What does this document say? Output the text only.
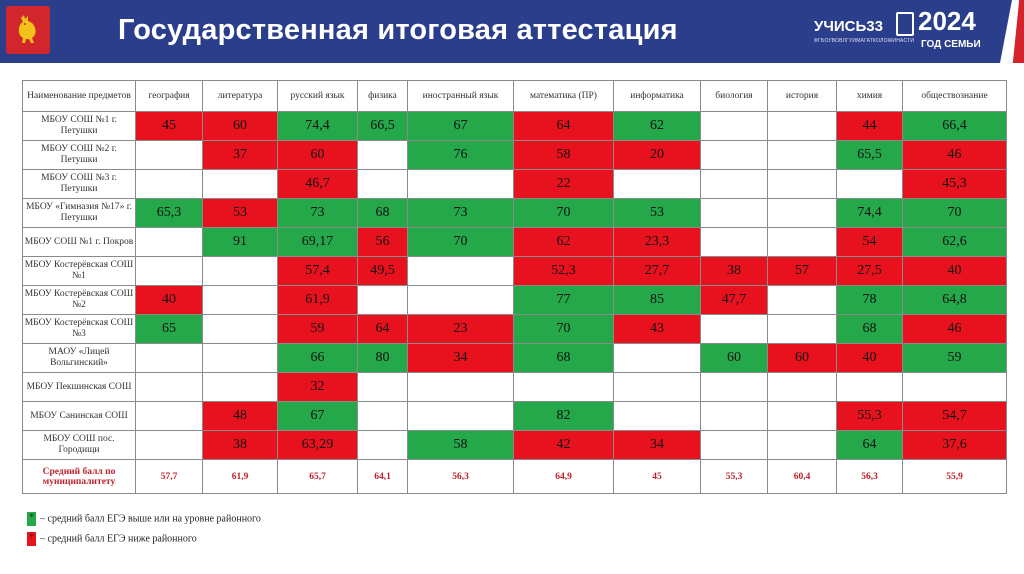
Государственная итоговая аттестация	УЧИСЬ33
ФГБОУВОВЛГУИМАГАТКОЛОЖИНАСТИ
2024
ГОД СЕМЬИ
Наименование предметов	география	литература	русский язык	физика	иностранный язык	математика (ПР)	информатика	биология	история	химия	обществознание
МБОУ СОШ №1 г. Петушки	45	60	74,4	66,5	67	64	62			44	66,4
МБОУ СОШ №2 г. Петушки		37	60		76	58	20			65,5	46
МБОУ СОШ №3 г. Петушки			46,7			22					45,3
МБОУ «Гимназия №17» г. Петушки	65,3	53	73	68	73	70	53			74,4	70
МБОУ СОШ №1 г. Покров		91	69,17	56	70	62	23,3			54	62,6
МБОУ Костерёвская СОШ №1			57,4	49,5		52,3	27,7	38	57	27,5	40
МБОУ Костерёвская СОШ №2	40		61,9			77	85	47,7		78	64,8
МБОУ Костерёвская СОШ №3	65		59	64	23	70	43			68	46
МАОУ «Лицей Вольгинский»			66	80	34	68		60	60	40	59
МБОУ Пекшинская СОШ			32								
МБОУ Санинская СОШ		48	67			82				55,3	54,7
МБОУ СОШ пос. Городищи		38	63,29		58	42	34			64	37,6
Средний балл по муниципалитету	57,7	61,9	65,7	64,1	56,3	64,9	45	55,3	60,4	56,3	55,9
* – средний балл ЕГЭ выше или на уровне районного
* – средний балл ЕГЭ ниже районного
